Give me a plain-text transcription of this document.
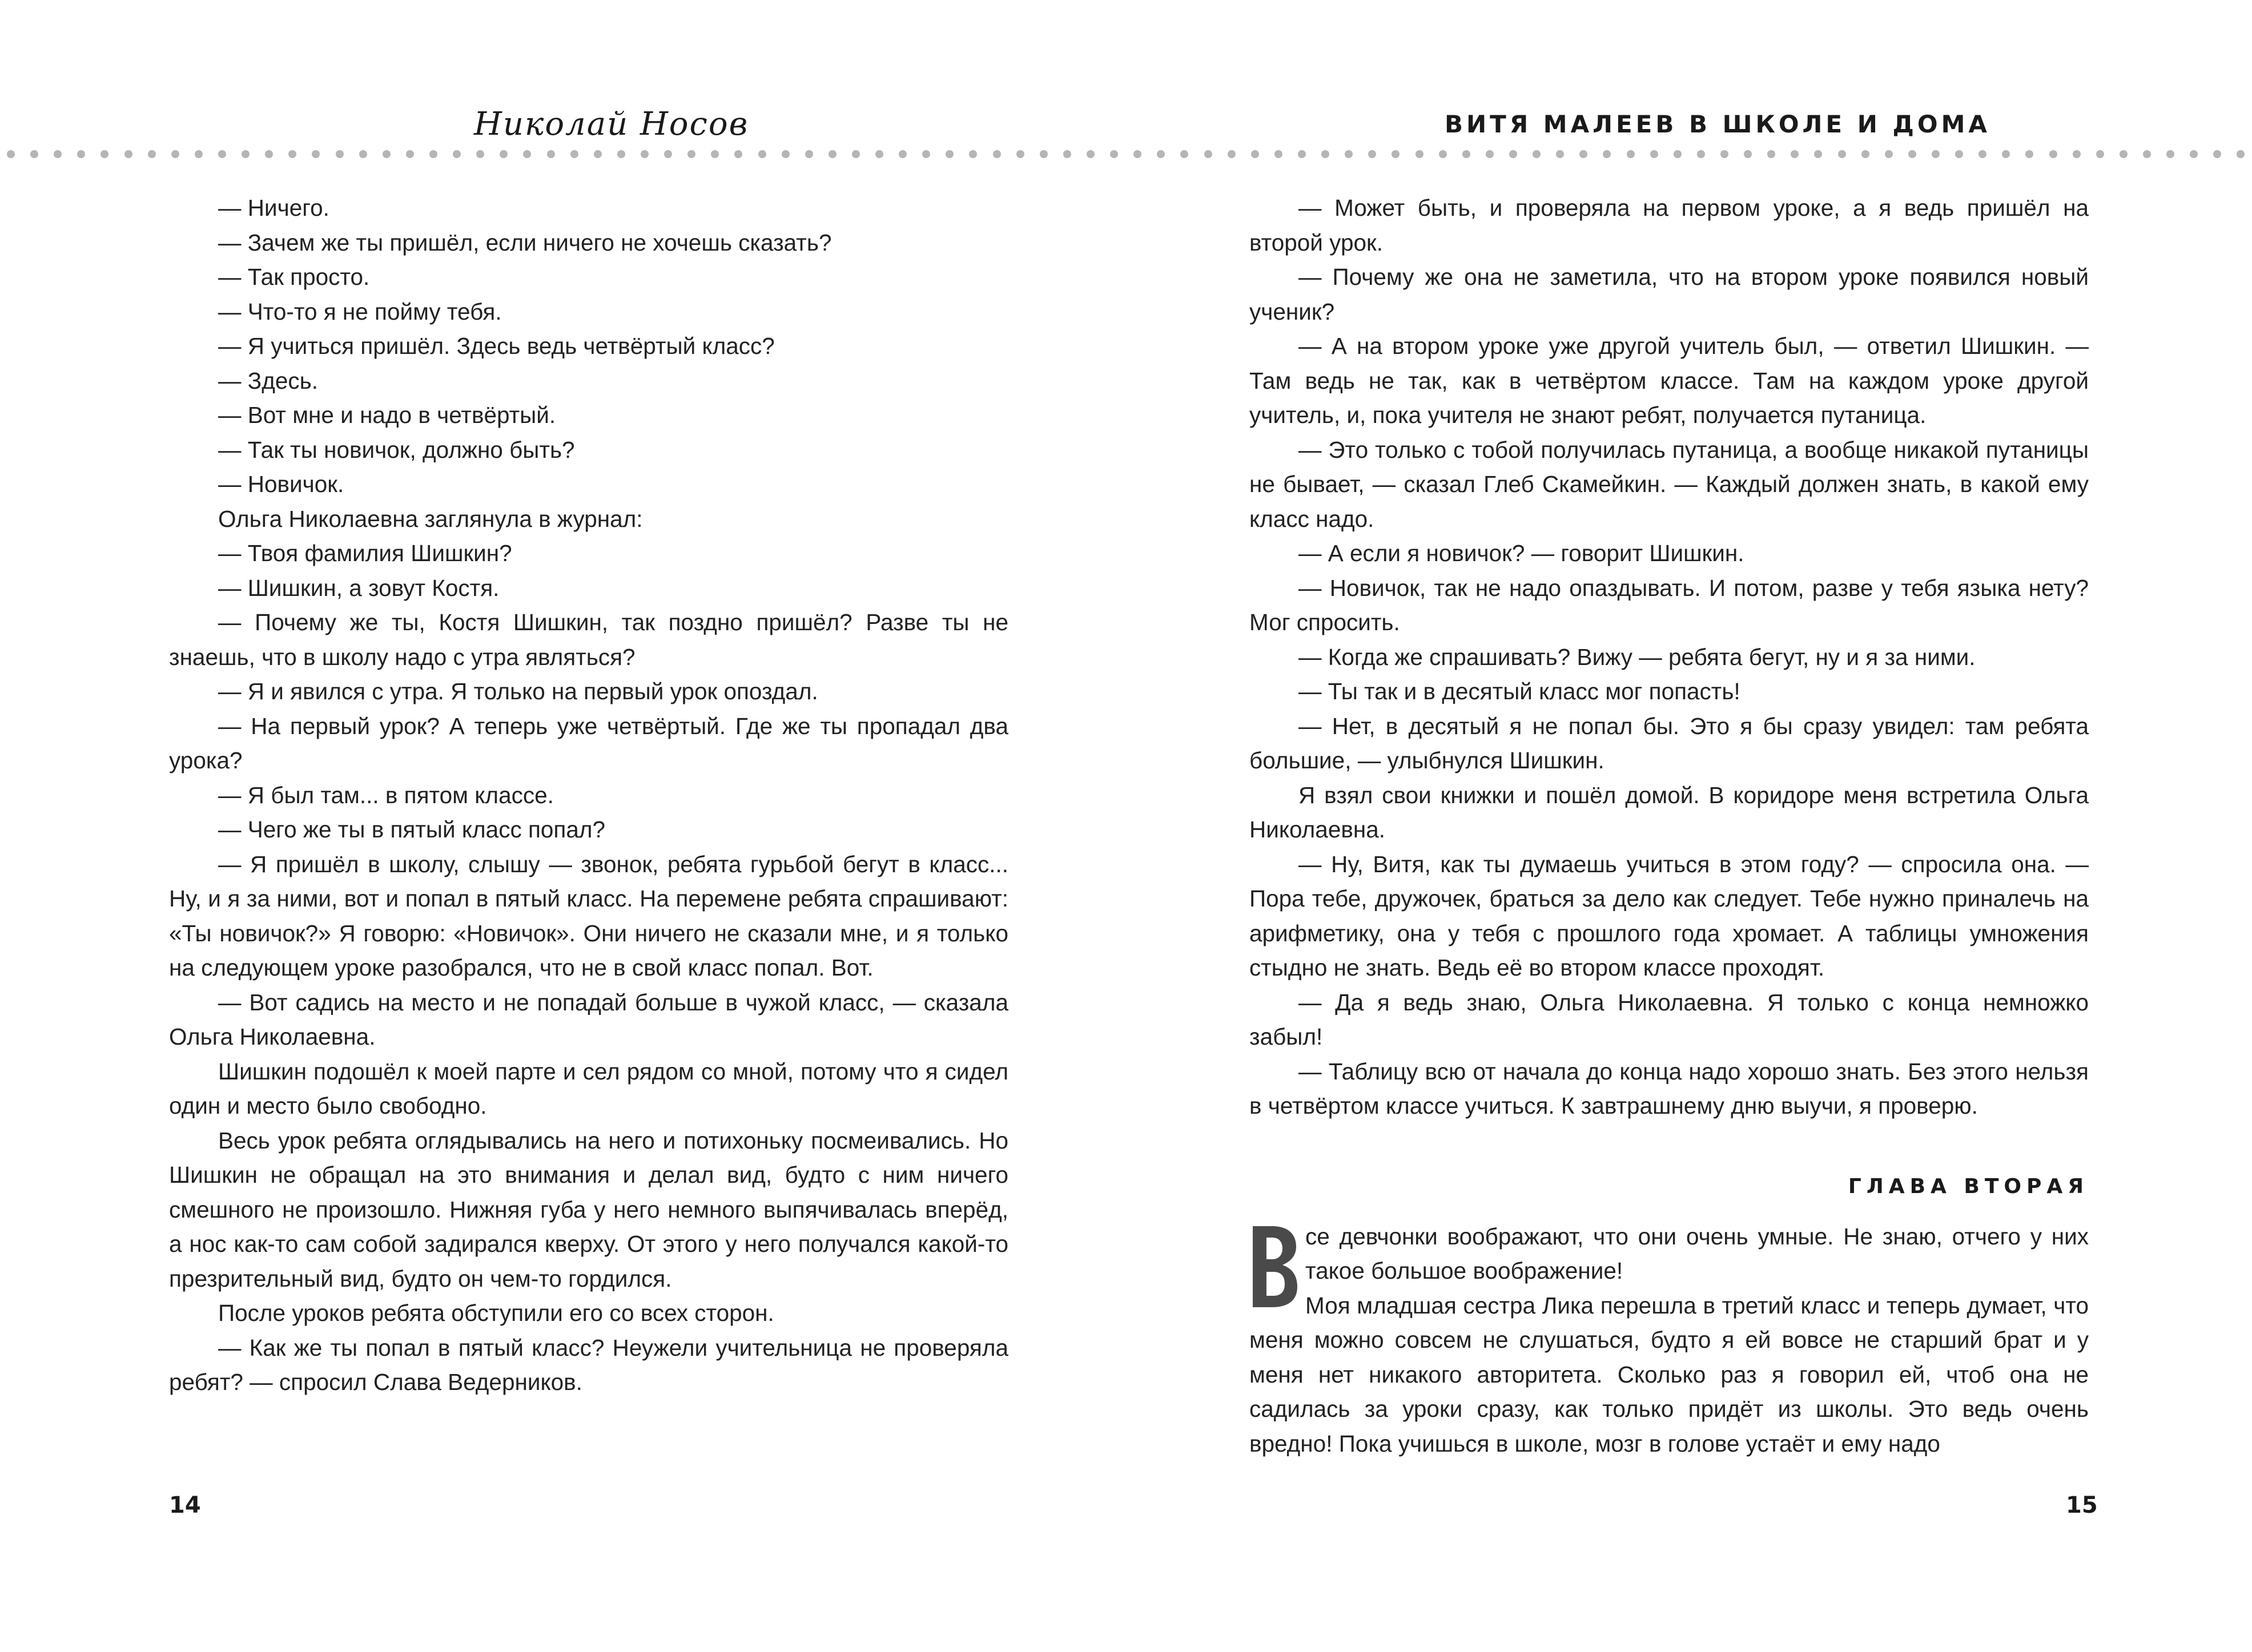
Николай Носов	ВИТЯ МАЛЕЕВ В ШКОЛЕ И ДОМА

— Ничего.

— Зачем же ты пришёл, если ничего не хочешь сказать?

— Так просто.

— Что-то я не пойму тебя.

— Я учиться пришёл. Здесь ведь четвёртый класс?

— Здесь.

— Вот мне и надо в четвёртый.

— Так ты новичок, должно быть?

— Новичок.

Ольга Николаевна заглянула в журнал:

— Твоя фамилия Шишкин?

— Шишкин, а зовут Костя.

— Почему же ты, Костя Шишкин, так поздно пришёл? Разве ты не знаешь, что в школу надо с утра являться?

— Я и явился с утра. Я только на первый урок опоздал.

— На первый урок? А теперь уже четвёртый. Где же ты пропадал два урока?

— Я был там... в пятом классе.

— Чего же ты в пятый класс попал?

— Я пришёл в школу, слышу — звонок, ребята гурьбой бегут в класс... Ну, и я за ними, вот и попал в пятый класс. На перемене ребята спрашивают: «Ты новичок?» Я говорю: «Новичок». Они ничего не сказали мне, и я только на следующем уроке разобрался, что не в свой класс попал. Вот.

— Вот садись на место и не попадай больше в чужой класс, — сказала Ольга Николаевна.

Шишкин подошёл к моей парте и сел рядом со мной, потому что я сидел один и место было свободно.

Весь урок ребята оглядывались на него и потихоньку посмеивались. Но Шишкин не обращал на это внимания и делал вид, будто с ним ничего смешного не произошло. Нижняя губа у него немного выпячивалась вперёд, а нос как-то сам собой задирался кверху. От этого у него получался какой-то презрительный вид, будто он чем-то гордился.

После уроков ребята обступили его со всех сторон.

— Как же ты попал в пятый класс? Неужели учительница не проверяла ребят? — спросил Слава Ведерников.

— Может быть, и проверяла на первом уроке, а я ведь пришёл на второй урок.

— Почему же она не заметила, что на втором уроке появился новый ученик?

— А на втором уроке уже другой учитель был, — ответил Шишкин. — Там ведь не так, как в четвёртом классе. Там на каждом уроке другой учитель, и, пока учителя не знают ребят, получается путаница.

— Это только с тобой получилась путаница, а вообще никакой путаницы не бывает, — сказал Глеб Скамейкин. — Каждый должен знать, в какой ему класс надо.

— А если я новичок? — говорит Шишкин.

— Новичок, так не надо опаздывать. И потом, разве у тебя языка нету? Мог спросить.

— Когда же спрашивать? Вижу — ребята бегут, ну и я за ними.

— Ты так и в десятый класс мог попасть!

— Нет, в десятый я не попал бы. Это я бы сразу увидел: там ребята большие, — улыбнулся Шишкин.

Я взял свои книжки и пошёл домой. В коридоре меня встретила Ольга Николаевна.

— Ну, Витя, как ты думаешь учиться в этом году? — спросила она. — Пора тебе, дружочек, браться за дело как следует. Тебе нужно приналечь на арифметику, она у тебя с прошлого года хромает. А таблицы умножения стыдно не знать. Ведь её во втором классе проходят.

— Да я ведь знаю, Ольга Николаевна. Я только с конца немножко забыл!

— Таблицу всю от начала до конца надо хорошо знать. Без этого нельзя в четвёртом классе учиться. К завтрашнему дню выучи, я проверю.

ГЛАВА ВТОРАЯ

се девчонки воображают, что они очень умные. Не знаю, отчего у них такое большое воображение!

Моя младшая сестра Лика перешла в третий класс и теперь думает, что меня можно совсем не слушаться, будто я ей вовсе не старший брат и у меня нет никакого авторитета. Сколько раз я говорил ей, чтоб она не садилась за уроки сразу, как только придёт из школы. Это ведь очень вредно! Пока учишься в школе, мозг в голове устаёт и ему надо

14	15
